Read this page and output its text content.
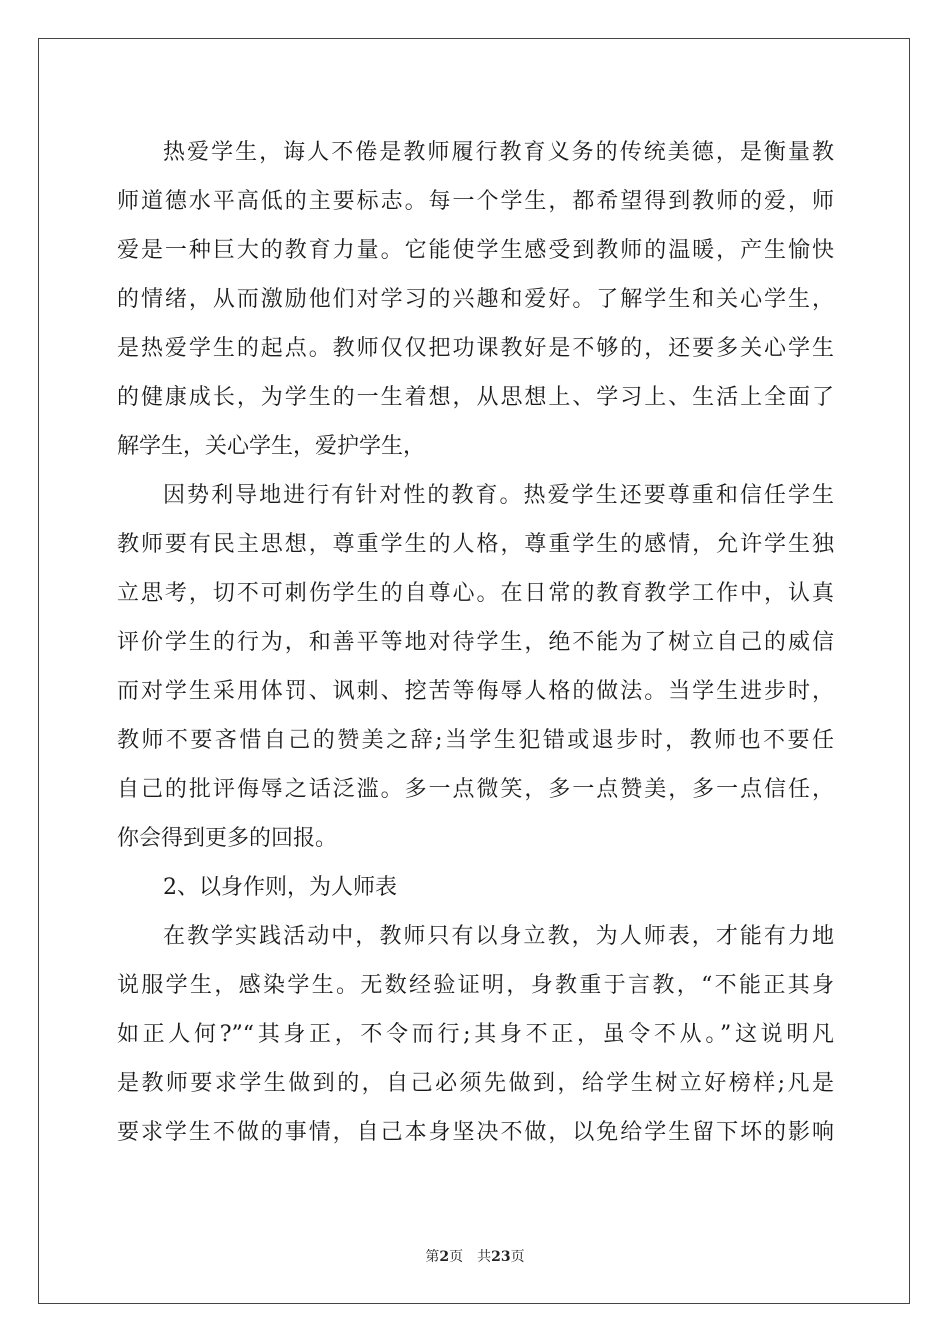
热爱学生，诲人不倦是教师履行教育义务的传统美德，是衡量教
师道德水平高低的主要标志。每一个学生，都希望得到教师的爱，师
爱是一种巨大的教育力量。它能使学生感受到教师的温暖，产生愉快
的情绪，从而激励他们对学习的兴趣和爱好。了解学生和关心学生，
是热爱学生的起点。教师仅仅把功课教好是不够的，还要多关心学生
的健康成长，为学生的一生着想，从思想上、学习上、生活上全面了
解学生，关心学生，爱护学生，
因势利导地进行有针对性的教育。热爱学生还要尊重和信任学生
教师要有民主思想，尊重学生的人格，尊重学生的感情，允许学生独
立思考，切不可刺伤学生的自尊心。在日常的教育教学工作中，认真
评价学生的行为，和善平等地对待学生，绝不能为了树立自己的威信
而对学生采用体罚、讽刺、挖苦等侮辱人格的做法。当学生进步时，
教师不要吝惜自己的赞美之辞;当学生犯错或退步时，教师也不要任
自己的批评侮辱之话泛滥。多一点微笑，多一点赞美，多一点信任，
你会得到更多的回报。
2、以身作则，为人师表
在教学实践活动中，教师只有以身立教，为人师表，才能有力地
说服学生，感染学生。无数经验证明，身教重于言教，“不能正其身
如正人何?”“其身正，不令而行;其身不正，虽令不从。”这说明凡
是教师要求学生做到的，自己必须先做到，给学生树立好榜样;凡是
要求学生不做的事情，自己本身坚决不做，以免给学生留下坏的影响
第2页 共23页
